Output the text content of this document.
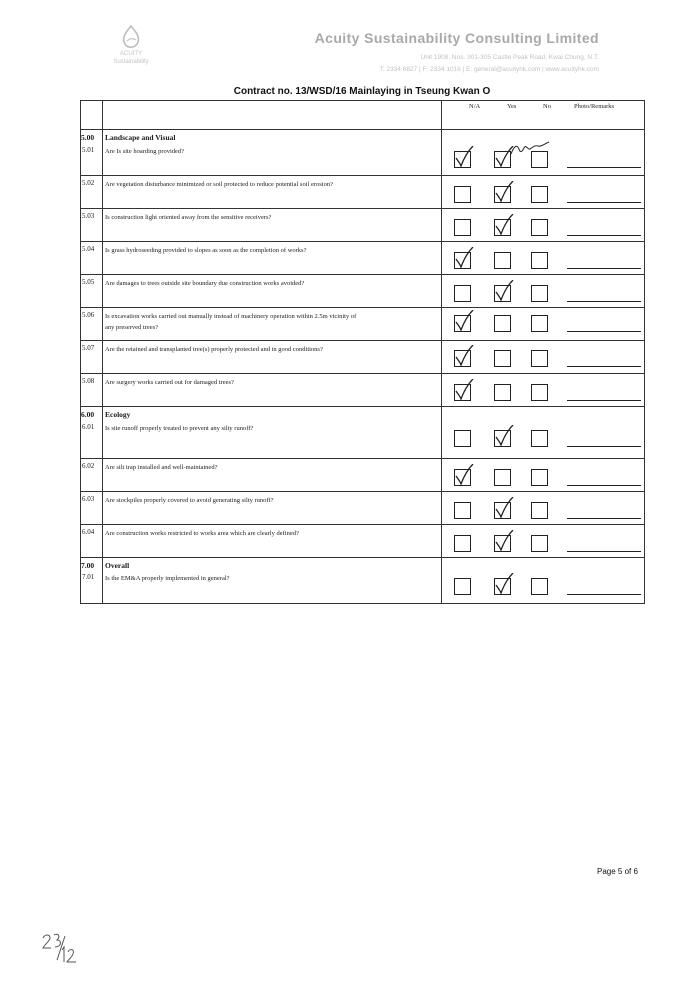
ACUITY
Sustainability
Acuity Sustainability Consulting Limited
Unit 1908, Nos. 301-305 Castle Peak Road, Kwai Chung, N.T.
T: 2334 6827 | F: 2334 1016 | E: general@acuityhk.com | www.acuityhk.com
Contract no. 13/WSD/16 Mainlaying in Tseung Kwan O

		N/A Yes No Photo/Remarks

5.00	Landscape and Visual	
5.01	Are Is site hoarding provided?	

5.02	Are vegetation disturbance minimized or soil protected to reduce potential soil erosion?	

5.03	Is construction light oriented away from the sensitive receivers?	

5.04	Is grass hydroseeding provided to slopes as soon as the completion of works?	

5.05	Are damages to trees outside site boundary due construction works avoided?	

5.06	Is excavation works carried out manually instead of machinery operation within 2.5m vicinity of
any preserved trees?	

5.07	Are the retained and transplanted tree(s) properly protected and in good conditions?	

5.08	Are surgery works carried out for damaged trees?	

6.00	Ecology	
6.01	Is site runoff properly treated to prevent any silty runoff?	

6.02	Are silt trap installed and well-maintained?	

6.03	Are stockpiles properly covered to avoid generating silty runoff?	

6.04	Are construction works restricted to works area which are clearly defined?	

7.00	Overall	
7.01	Is the EM&A properly implemented in general?	
Page 5 of 6
